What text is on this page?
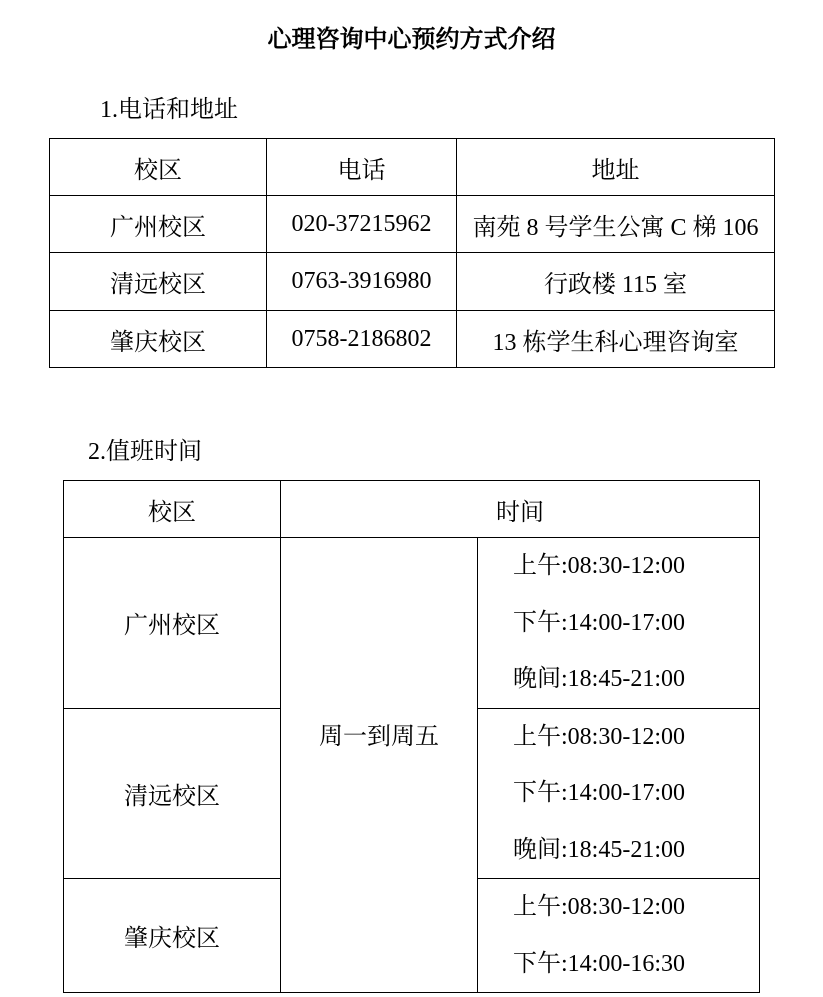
心理咨询中心预约方式介绍
1.电话和地址
校区	电话	地址
广州校区	020-37215962	南苑 8 号学生公寓 C 梯 106
清远校区	0763-3916980	行政楼 115 室
肇庆校区	0758-2186802	13 栋学生科心理咨询室
2.值班时间
校区	时间	
广州校区	周一到周五	上午:08:30-12:00
下午:14:00-17:00
晚间:18:45-21:00

清远校区		上午:08:30-12:00
下午:14:00-17:00
晚间:18:45-21:00

肇庆校区		上午:08:30-12:00
下午:14:00-16:30
